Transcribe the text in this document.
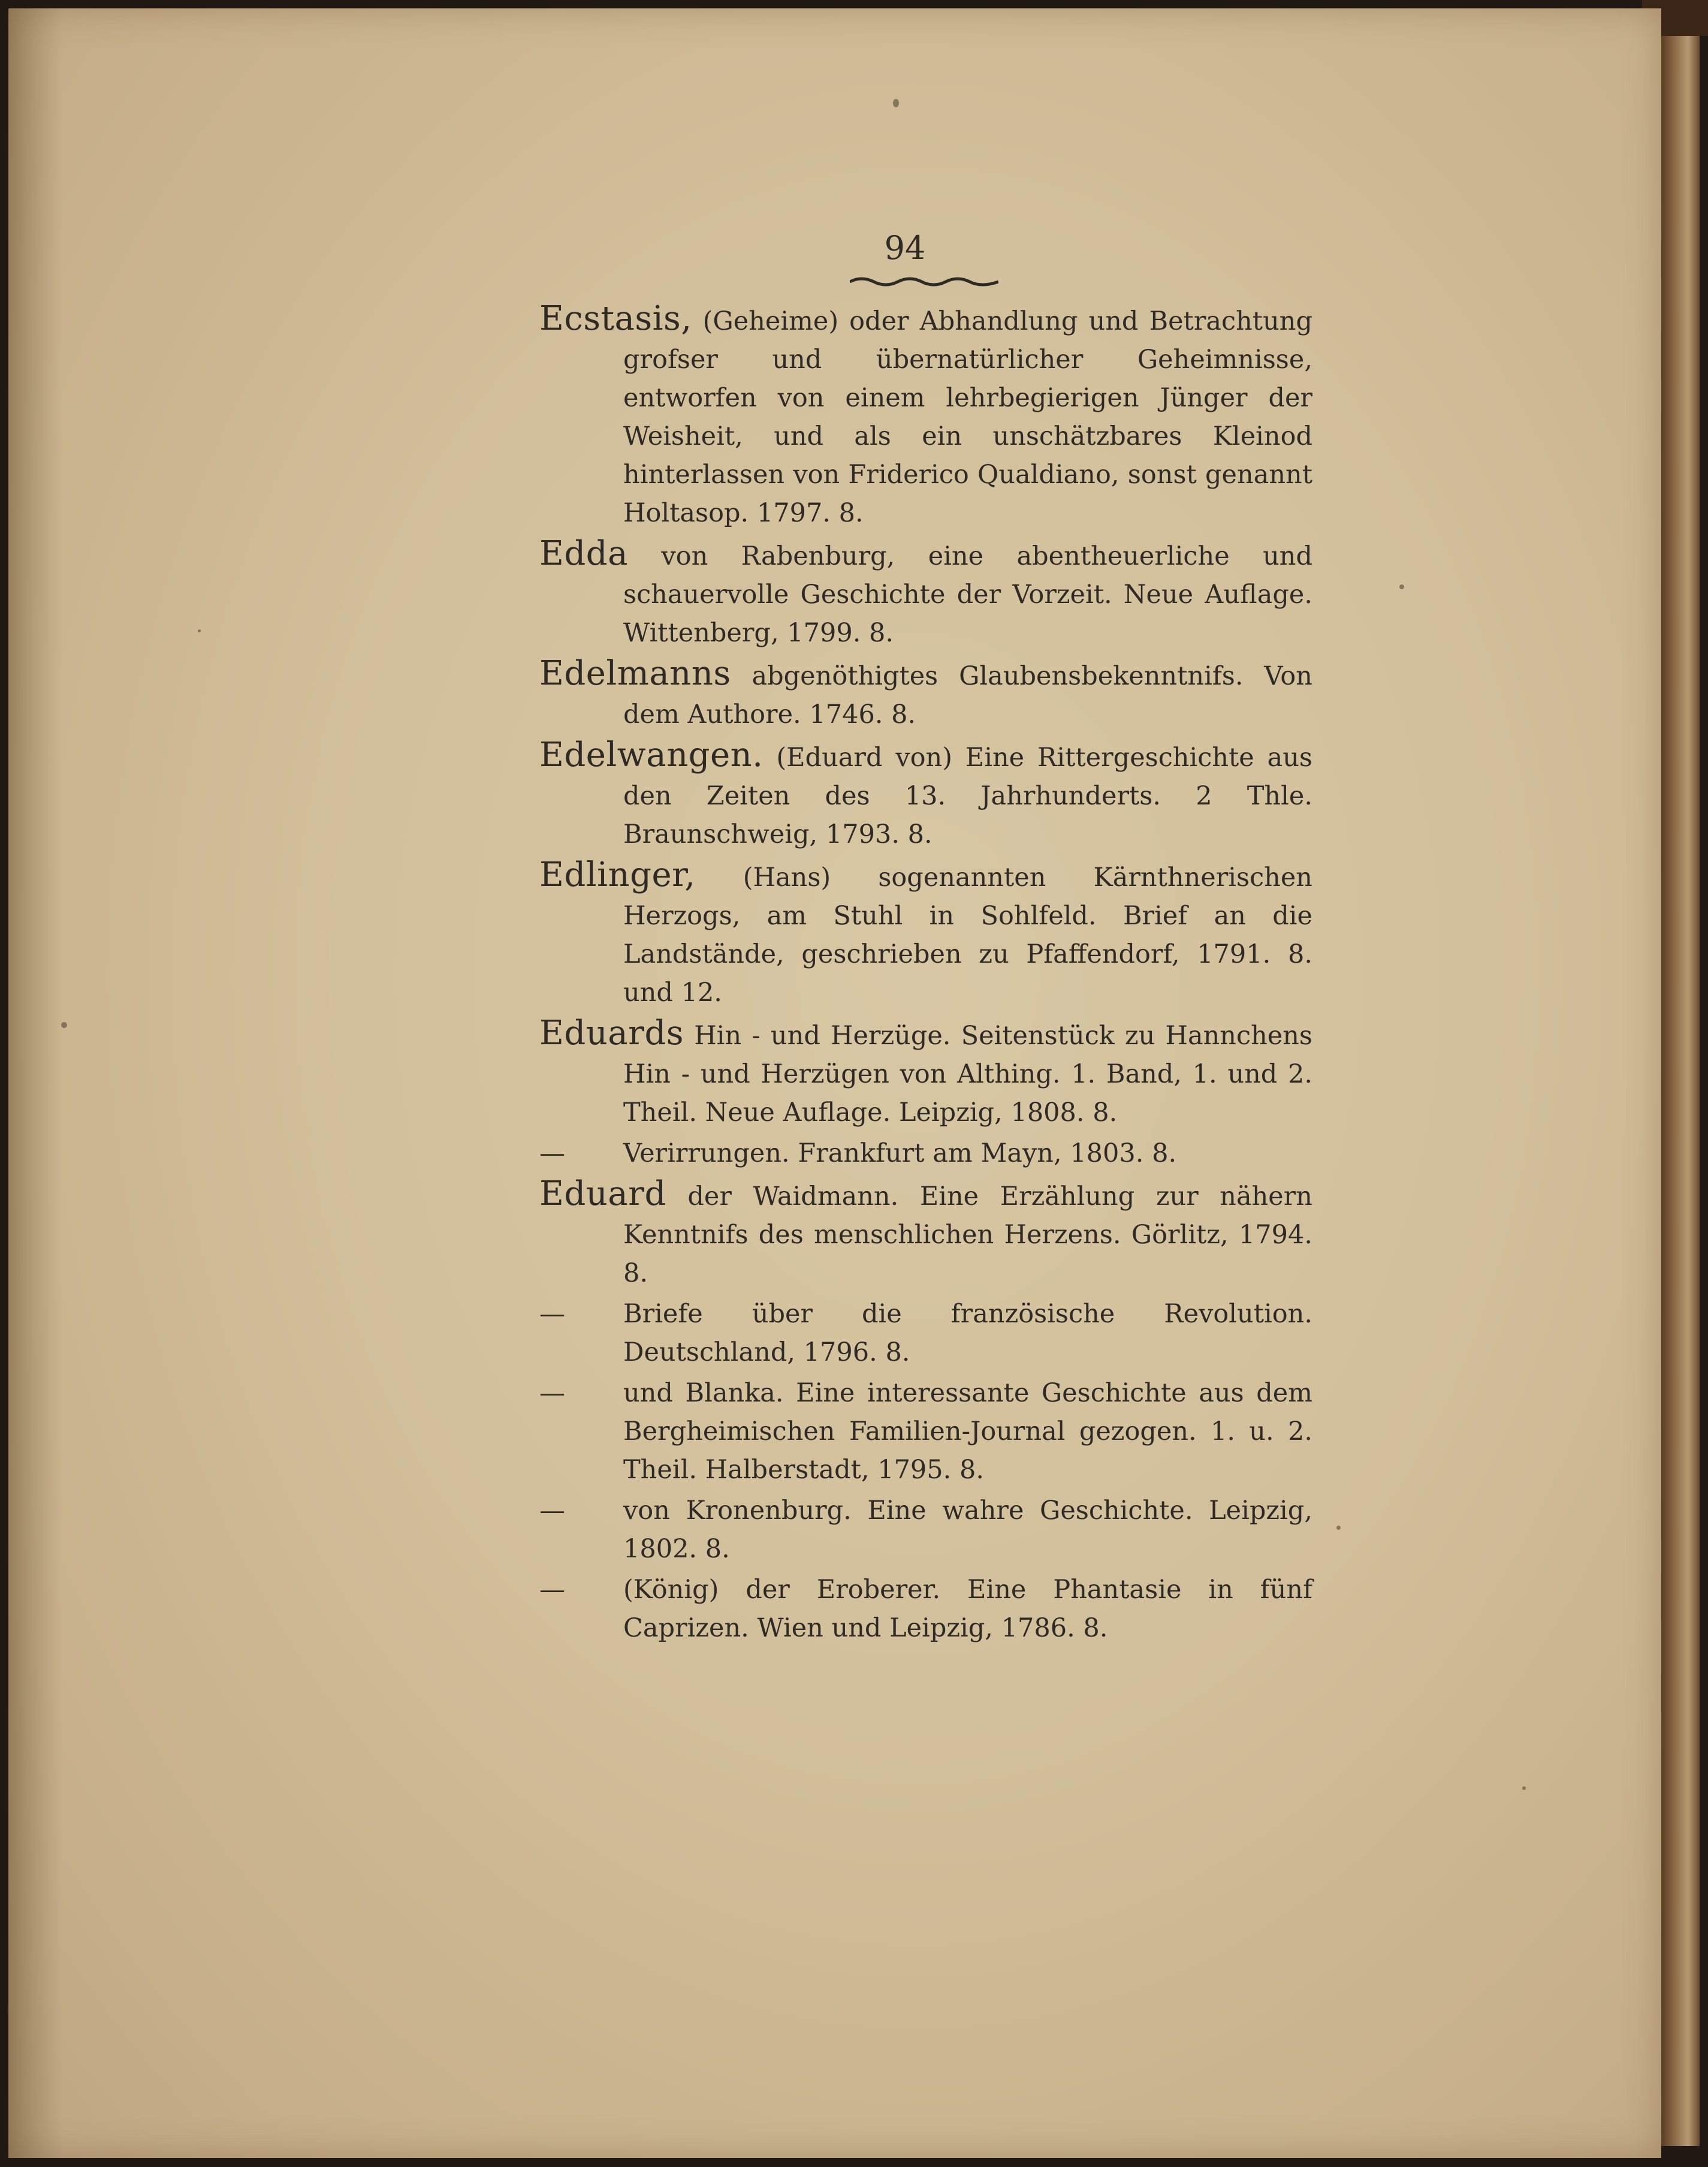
94
Ecstasis, (Geheime) oder Abhandlung und Betrachtung grofser und übernatürlicher Geheimnisse, entworfen von einem lehrbegierigen Jünger der Weisheit, und als ein unschätzbares Kleinod hinterlassen von Friderico Qualdiano, sonst genannt Holtasop. 1797. 8.
Edda von Rabenburg, eine abentheuerliche und schauervolle Geschichte der Vorzeit. Neue Auflage. Wittenberg, 1799. 8.
Edelmanns abgenöthigtes Glaubensbekenntnifs. Von dem Authore. 1746. 8.
Edelwangen. (Eduard von) Eine Rittergeschichte aus den Zeiten des 13. Jahrhunderts. 2 Thle. Braunschweig, 1793. 8.
Edlinger, (Hans) sogenannten Kärnthnerischen Herzogs, am Stuhl in Sohlfeld. Brief an die Landstände, geschrieben zu Pfaffendorf, 1791. 8. und 12.
Eduards Hin - und Herzüge. Seitenstück zu Hannchens Hin - und Herzügen von Althing. 1. Band, 1. und 2. Theil. Neue Auflage. Leipzig, 1808. 8.
— Verirrungen. Frankfurt am Mayn, 1803. 8.
Eduard der Waidmann. Eine Erzählung zur nähern Kenntnifs des menschlichen Herzens. Görlitz, 1794. 8.
— Briefe über die französische Revolution. Deutschland, 1796. 8.
— und Blanka. Eine interessante Geschichte aus dem Bergheimischen Familien-Journal gezogen. 1. u. 2. Theil. Halberstadt, 1795. 8.
— von Kronenburg. Eine wahre Geschichte. Leipzig, 1802. 8.
— (König) der Eroberer. Eine Phantasie in fünf Caprizen. Wien und Leipzig, 1786. 8.
